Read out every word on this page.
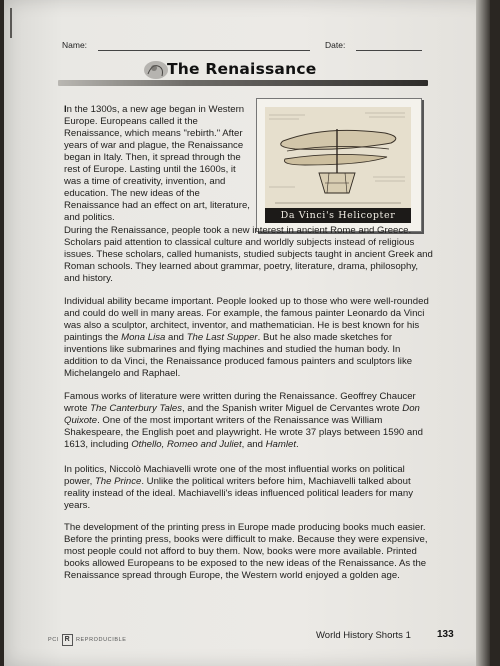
Name:	Date:
The Renaissance
Da Vinci's Helicopter
In the 1300s, a new age began in Western Europe. Europeans called it the Renaissance, which means "rebirth." After years of war and plague, the Renaissance began in Italy. Then, it spread through the rest of Europe. Lasting until the 1600s, it was a time of creativity, invention, and education. The new ideas of the Renaissance had an effect on art, literature, and politics.
During the Renaissance, people took a new interest in ancient Rome and Greece. Scholars paid attention to classical culture and worldly subjects instead of religious issues. These scholars, called humanists, studied subjects taught in ancient Greek and Roman schools. They learned about grammar, poetry, literature, drama, philosophy, and history.
Individual ability became important. People looked up to those who were well-rounded and could do well in many areas. For example, the famous painter Leonardo da Vinci was also a sculptor, architect, inventor, and mathematician. He is best known for his paintings the Mona Lisa and The Last Supper. But he also made sketches for inventions like submarines and flying machines and studied the human body. In addition to da Vinci, the Renaissance produced famous painters and sculptors like Michelangelo and Raphael.
Famous works of literature were written during the Renaissance. Geoffrey Chaucer wrote The Canterbury Tales, and the Spanish writer Miguel de Cervantes wrote Don Quixote. One of the most important writers of the Renaissance was William Shakespeare, the English poet and playwright. He wrote 37 plays between 1590 and 1613, including Othello, Romeo and Juliet, and Hamlet.
In politics, Niccolò Machiavelli wrote one of the most influential works on political power, The Prince. Unlike the political writers before him, Machiavelli talked about reality instead of the ideal. Machiavelli's ideas influenced political leaders for many years.
The development of the printing press in Europe made producing books much easier. Before the printing press, books were difficult to make. Because they were expensive, most people could not afford to buy them. Now, books were more available. Printed books allowed Europeans to be exposed to the new ideas of the Renaissance. As the Renaissance spread through Europe, the Western world enjoyed a golden age.
PCI R	REPRODUCIBLE	World History Shorts 1	133
